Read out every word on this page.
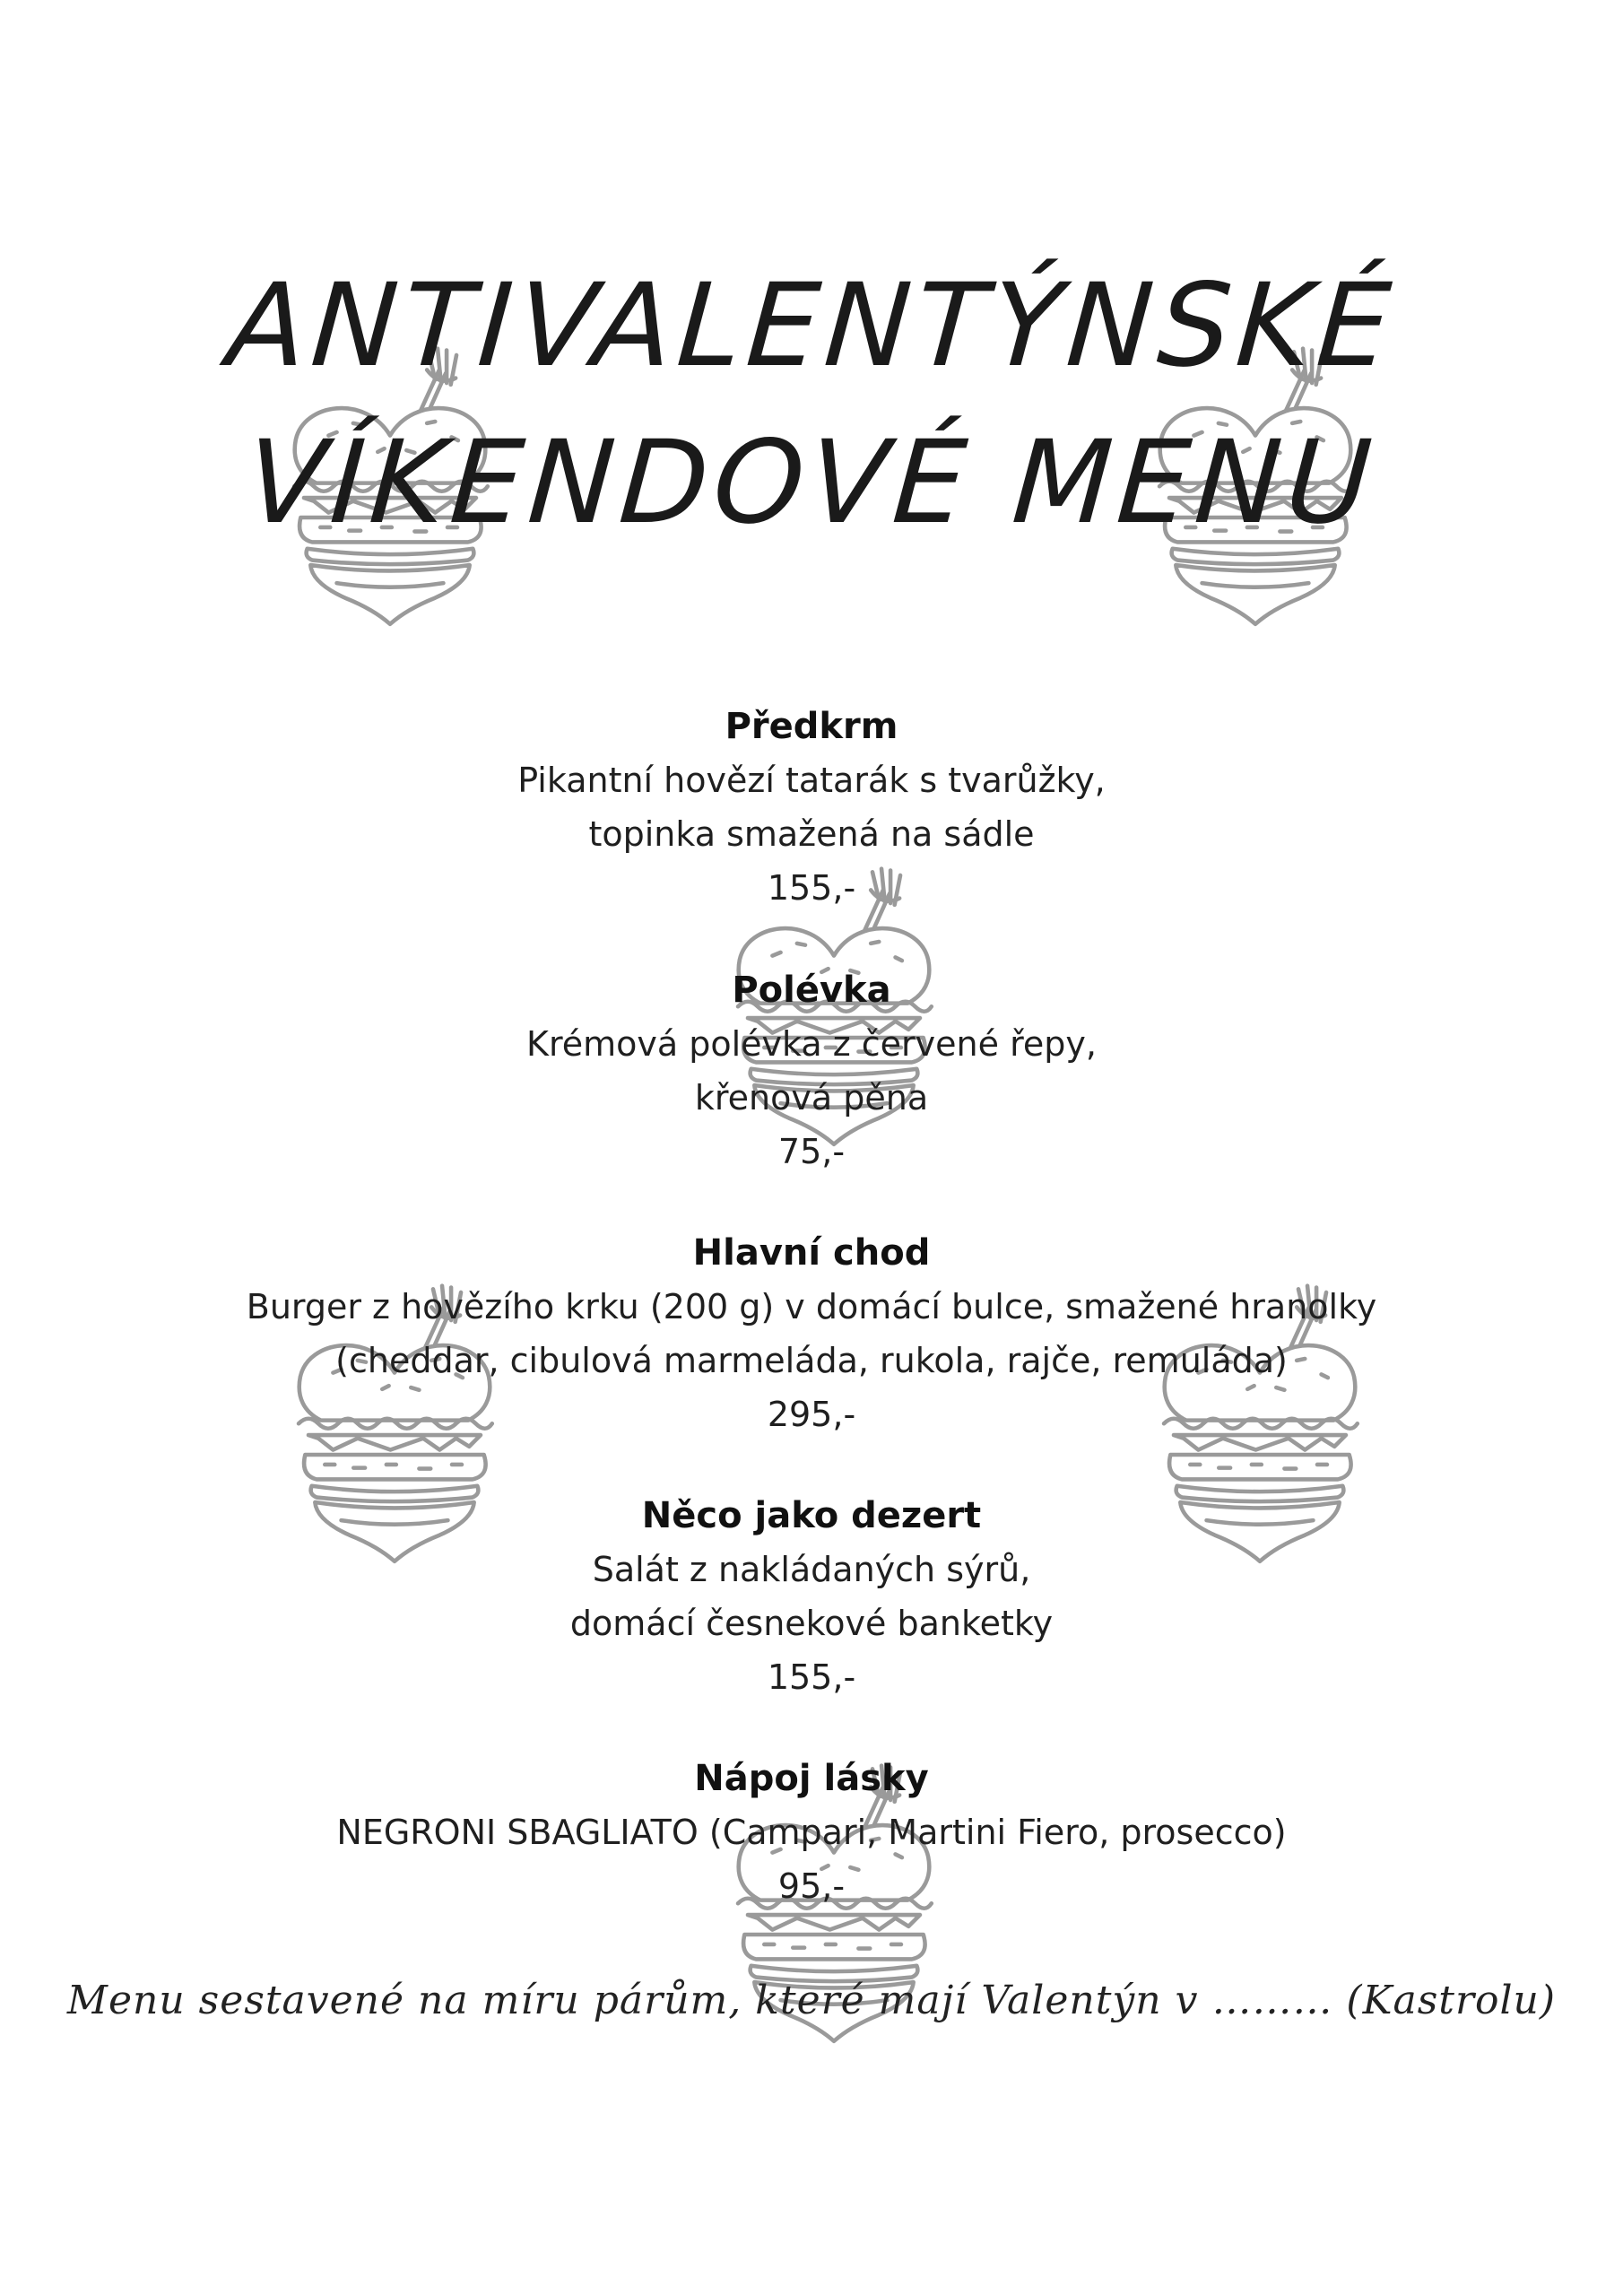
ANTIVALENTÝNSKÉ
VÍKENDOVÉ MENU
Předkrm
Pikantní hovězí tatarák s tvarůžky,
topinka smažená na sádle
155,-
Polévka
Krémová polévka z červené řepy,
křenová pěna
75,-
Hlavní chod
Burger z hovězího krku (200 g) v domácí bulce, smažené hranolky
(cheddar, cibulová marmeláda, rukola, rajče, remuláda)
295,-
Něco jako dezert
Salát z nakládaných sýrů,
domácí česnekové banketky
155,-
Nápoj lásky
NEGRONI SBAGLIATO (Campari, Martini Fiero, prosecco)
95,-
Menu sestavené na míru párům, které mají Valentýn v ……… (Kastrolu)
